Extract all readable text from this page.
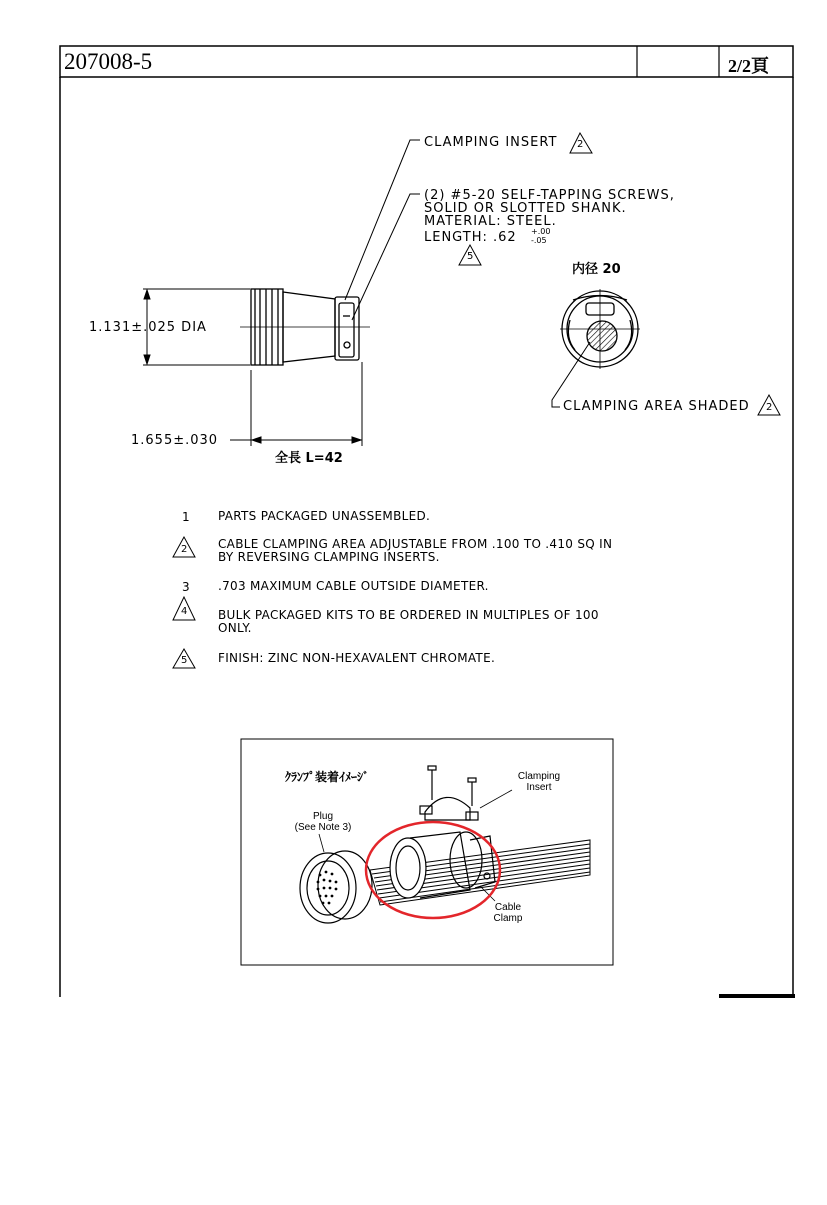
207008-5	2/2頁
CLAMPING INSERT 2
(2) #5-20 SELF-TAPPING SCREWS,
SOLID OR SLOTTED SHANK.
MATERIAL: STEEL.
LENGTH: .62 +.00
-.05
5
内径 20
1.131±.025 DIA
1.655±.030
全長 L=42
CLAMPING AREA SHADED 2
1 PARTS PACKAGED UNASSEMBLED.
2	CABLE CLAMPING AREA ADJUSTABLE FROM .100 TO .410 SQ IN
BY REVERSING CLAMPING INSERTS.
3 .703 MAXIMUM CABLE OUTSIDE DIAMETER.
4	BULK PACKAGED KITS TO BE ORDERED IN MULTIPLES OF 100
ONLY.
5	FINISH: ZINC NON-HEXAVALENT CHROMATE.
ｸﾗﾝﾌﾟ装着ｲﾒｰｼﾞ
Plug
(See Note 3)
Clamping
Insert
Cable
Clamp
